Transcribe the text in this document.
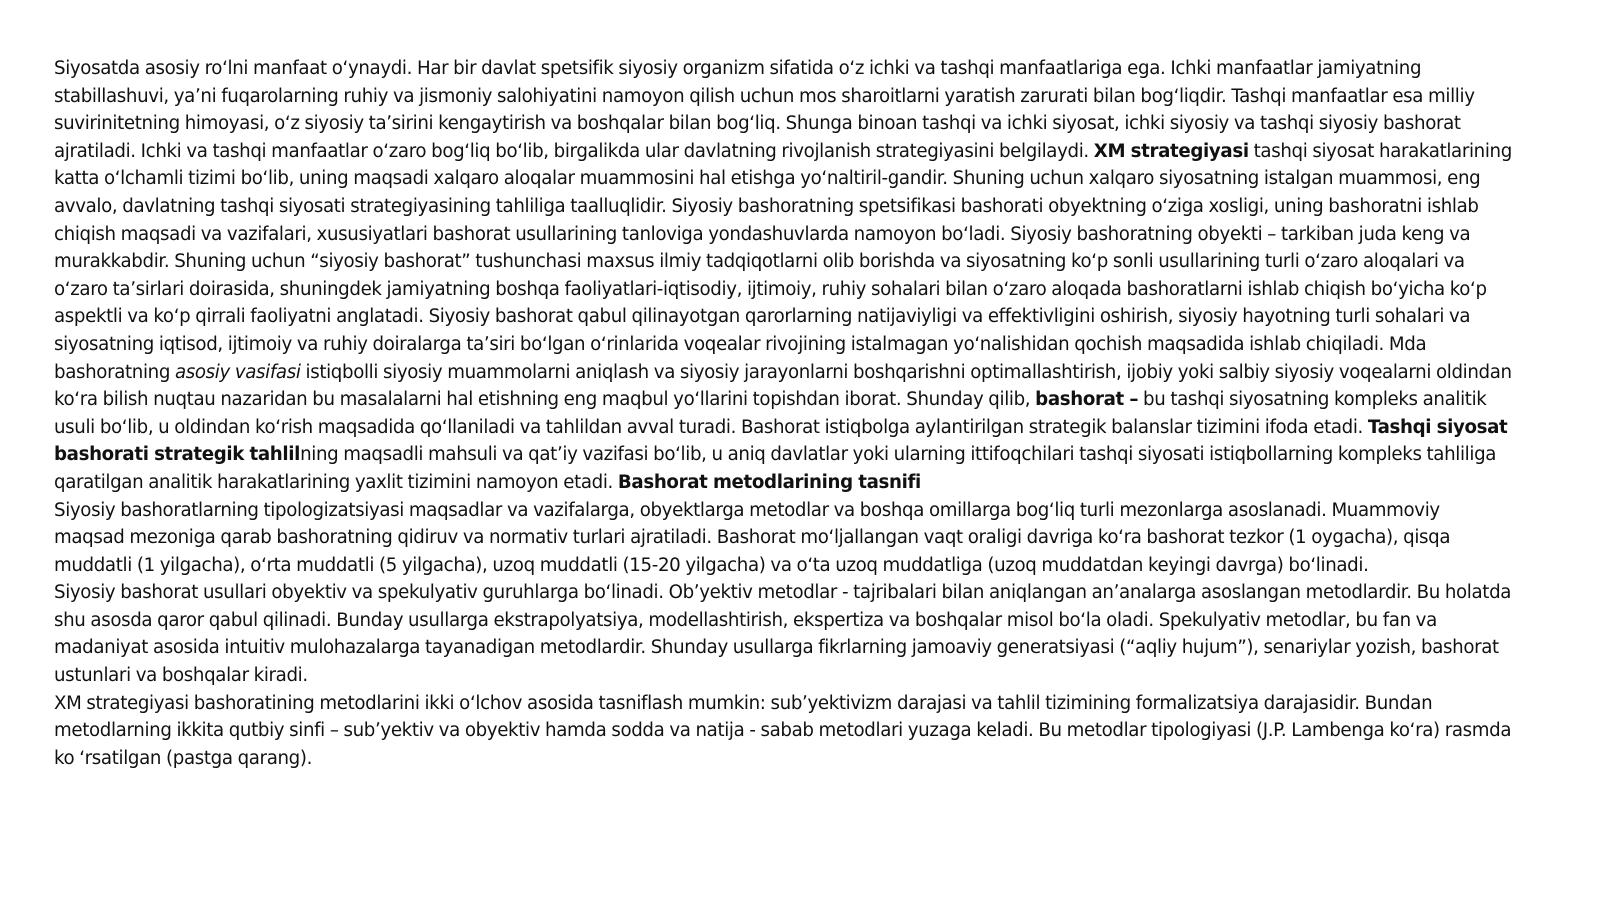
Siyosatda asosiy roʻlni manfaat oʻynaydi. Har bir davlat spetsifik siyosiy organizm sifatida oʻz ichki va tashqi manfaatlariga ega. Ichki manfaatlar jamiyatning stabillashuvi, yaʼni fuqarolarning ruhiy va jismoniy salohiyatini namoyon qilish uchun mos sharoitlarni yaratish zarurati bilan bogʻliqdir. Tashqi manfaatlar esa milliy suvirinitetning himoyasi, oʻz siyosiy taʼsirini kengaytirish va boshqalar bilan bogʻliq. Shunga binoan tashqi va ichki siyosat, ichki siyosiy va tashqi siyosiy bashorat ajratiladi. Ichki va tashqi manfaatlar oʻzaro bogʻliq boʻlib, birgalikda ular davlatning rivojlanish strategiyasini belgilaydi. XM strategiyasi tashqi siyosat harakatlarining katta oʻlchamli tizimi boʻlib, uning maqsadi xalqaro aloqalar muammosini hal etishga yoʻnaltiril-gandir. Shuning uchun xalqaro siyosatning istalgan muammosi, eng avvalo, davlatning tashqi siyosati strategiyasining tahliliga taalluqlidir. Siyosiy bashoratning spetsifikasi bashorati obyektning oʻziga xosligi, uning bashoratni ishlab chiqish maqsadi va vazifalari, xususiyatlari bashorat usullarining tanloviga yondashuvlarda namoyon boʻladi. Siyosiy bashoratning obyekti – tarkiban juda keng va murakkabdir. Shuning uchun “siyosiy bashorat” tushunchasi maxsus ilmiy tadqiqotlarni olib borishda va siyosatning koʻp sonli usullarining turli oʻzaro aloqalari va oʻzaro taʼsirlari doirasida, shuningdek jamiyatning boshqa faoliyatlari-iqtisodiy, ijtimoiy, ruhiy sohalari bilan oʻzaro aloqada bashoratlarni ishlab chiqish boʻyicha koʻp aspektli va koʻp qirrali faoliyatni anglatadi. Siyosiy bashorat qabul qilinayotgan qarorlarning natijaviyligi va effektivligini oshirish, siyosiy hayotning turli sohalari va siyosatning iqtisod, ijtimoiy va ruhiy doiralarga taʼsiri boʻlgan oʻrinlarida voqealar rivojining istalmagan yoʻnalishidan qochish maqsadida ishlab chiqiladi. Mda bashoratning asosiy vasifasi istiqbolli siyosiy muammolarni aniqlash va siyosiy jarayonlarni boshqarishni optimallashtirish, ijobiy yoki salbiy siyosiy voqealarni oldindan koʻra bilish nuqtau nazaridan bu masalalarni hal etishning eng maqbul yoʻllarini topishdan iborat. Shunday qilib, bashorat – bu tashqi siyosatning kompleks analitik usuli boʻlib, u oldindan koʻrish maqsadida qoʻllaniladi va tahlildan avval turadi. Bashorat istiqbolga aylantirilgan strategik balanslar tizimini ifoda etadi. Tashqi siyosat bashorati strategik tahlilning maqsadli mahsuli va qatʼiy vazifasi boʻlib, u aniq davlatlar yoki ularning ittifoqchilari tashqi siyosati istiqbollarning kompleks tahliliga qaratilgan analitik harakatlarining yaxlit tizimini namoyon etadi. Bashorat metodlarining tasnifi

Siyosiy bashoratlarning tipologizatsiyasi maqsadlar va vazifalarga, obyektlarga metodlar va boshqa omillarga bogʻliq turli mezonlarga asoslanadi. Muammoviy maqsad mezoniga qarab bashoratning qidiruv va normativ turlari ajratiladi. Bashorat moʻljallangan vaqt oraligi davriga koʻra bashorat tezkor (1 oygacha), qisqa muddatli (1 yilgacha), oʻrta muddatli (5 yilgacha), uzoq muddatli (15-20 yilgacha) va oʻta uzoq muddatliga (uzoq muddatdan keyingi davrga) boʻlinadi.

Siyosiy bashorat usullari obyektiv va spekulyativ guruhlarga boʻlinadi. Obʼyektiv metodlar - tajribalari bilan aniqlangan anʼanalarga asoslangan metodlardir. Bu holatda shu asosda qaror qabul qilinadi. Bunday usullarga ekstrapolyatsiya, modellashtirish, ekspertiza va boshqalar misol boʻla oladi. Spekulyativ metodlar, bu fan va madaniyat asosida intuitiv mulohazalarga tayanadigan metodlardir. Shunday usullarga fikrlarning jamoaviy generatsiyasi (“aqliy hujum”), senariylar yozish, bashorat ustunlari va boshqalar kiradi.

XM strategiyasi bashoratining metodlarini ikki oʻlchov asosida tasniflash mumkin: subʼyektivizm darajasi va tahlil tizimining formalizatsiya darajasidir. Bundan metodlarning ikkita qutbiy sinfi – subʼyektiv va obyektiv hamda sodda va natija - sabab metodlari yuzaga keladi. Bu metodlar tipologiyasi (J.P. Lambenga koʻra) rasmda ko ʻrsatilgan (pastga qarang).
